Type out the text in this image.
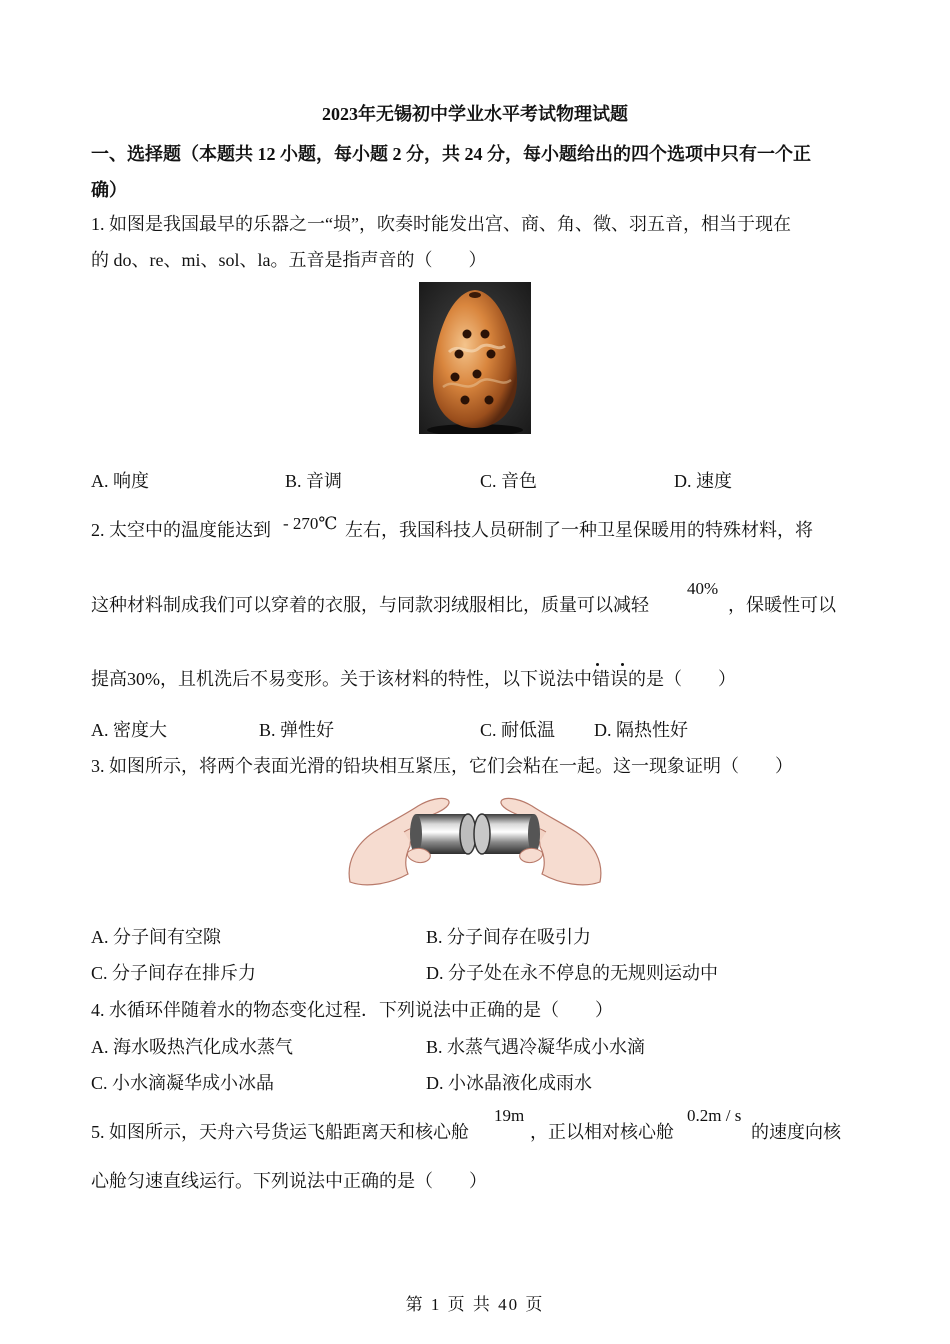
2023年无锡初中学业水平考试物理试题
一、选择题（本题共 12 小题，每小题 2 分，共 24 分，每小题给出的四个选项中只有一个正
确）
1. 如图是我国最早的乐器之一“埙”，吹奏时能发出宫、商、角、徵、羽五音，相当于现在
的 do、re、mi、sol、la。五音是指声音的（　　）
A. 响度	B. 音调	C. 音色	D. 速度
2. 太空中的温度能达到 - 270℃ 左右，我国科技人员研制了一种卫星保暖用的特殊材料，将
这种材料制成我们可以穿着的衣服，与同款羽绒服相比，质量可以减轻
40%
，保暖性可以
提高30%，且机洗后不易变形。关于该材料的特性，以下说法中错误的是（　　）
A. 密度大	B. 弹性好	C. 耐低温 D. 隔热性好
3. 如图所示，将两个表面光滑的铅块相互紧压，它们会粘在一起。这一现象证明（　　）
A. 分子间有空隙	B. 分子间存在吸引力
C. 分子间存在排斥力	D. 分子处在永不停息的无规则运动中
4. 水循环伴随着水的物态变化过程．下列说法中正确的是（　　）
A. 海水吸热汽化成水蒸气	B. 水蒸气遇冷凝华成小水滴
C. 小水滴凝华成小冰晶	D. 小冰晶液化成雨水
5. 如图所示，天舟六号货运飞船距离天和核心舱
19m
，正以相对核心舱
0.2m / s
的速度向核
心舱匀速直线运行。下列说法中正确的是（　　）
第 1 页 共 40 页
